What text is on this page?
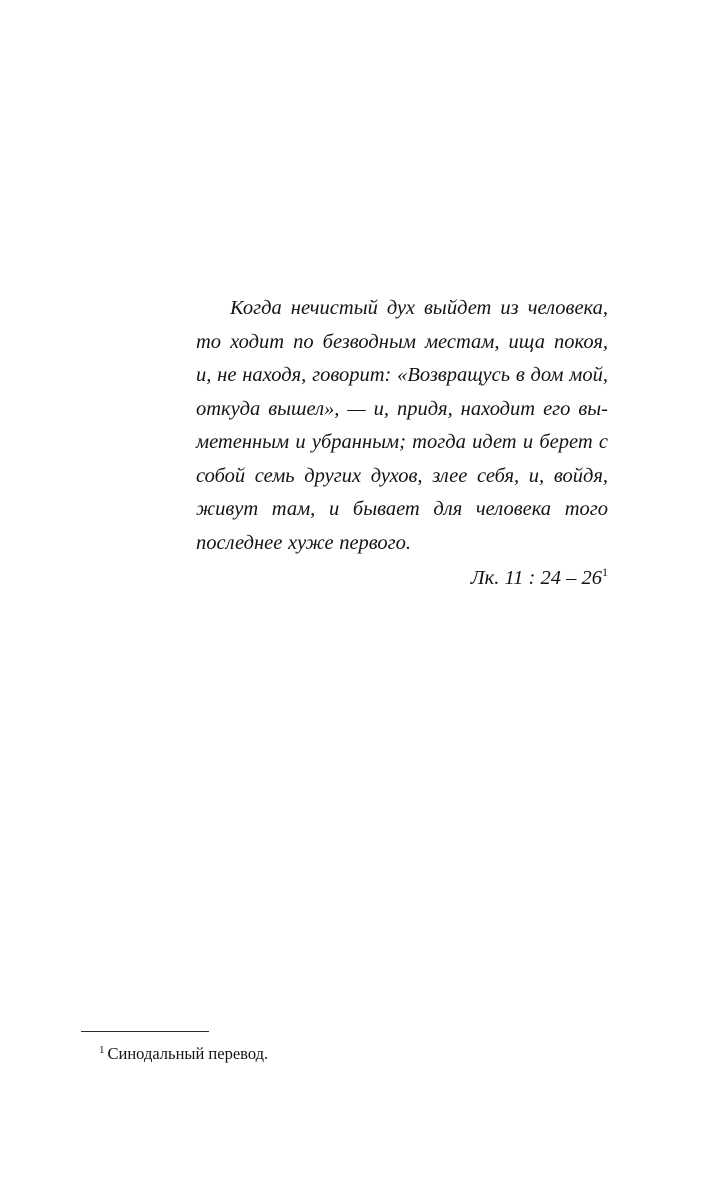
Когда нечистый дух выйдет из человека, то ходит по безводным местам, ища покоя, и, не находя, говорит: «Возвращусь в дом мой, откуда вышел», — и, придя, находит его выметенным и убранным; тогда идет и берет с собой семь других духов, злее себя, и, войдя, живут там, и бывает для человека того последнее хуже первого.

Лк. 11 : $24 - 26^1$

$^1$ Синодальный перевод.
